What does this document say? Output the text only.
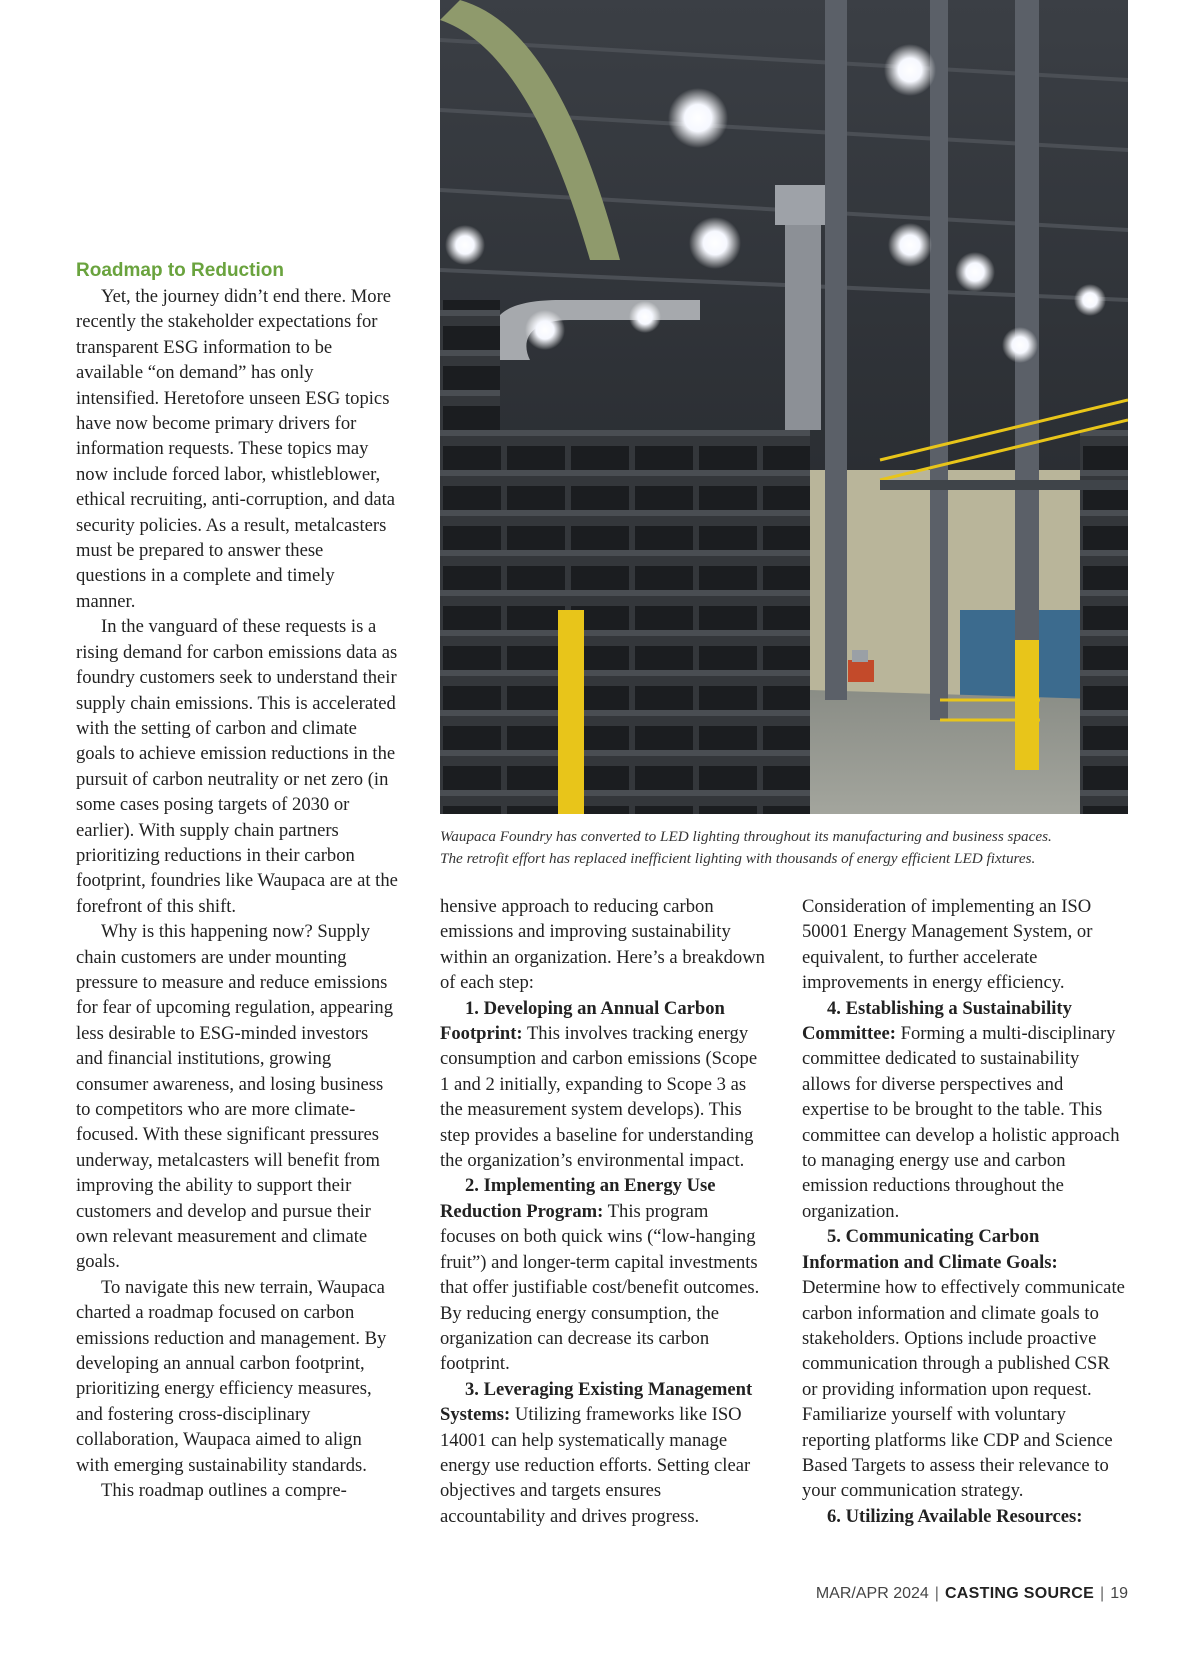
Waupaca Foundry has converted to LED lighting throughout its manufacturing and business spaces.
The retrofit effort has replaced inefficient lighting with thousands of energy efficient LED fixtures.
Roadmap to Reduction

Yet, the journey didn’t end there. More recently the stakeholder expectations for transparent ESG information to be available “on demand” has only intensified. Heretofore unseen ESG topics have now become primary drivers for information requests. These topics may now include forced labor, whistleblower, ethical recruiting, anti-corruption, and data security policies. As a result, metalcasters must be prepared to answer these questions in a complete and timely manner.

In the vanguard of these requests is a rising demand for carbon emissions data as foundry customers seek to understand their supply chain emissions. This is accelerated with the setting of carbon and climate goals to achieve emission reductions in the pursuit of carbon neutrality or net zero (in some cases posing targets of 2030 or earlier). With supply chain partners prioritizing reductions in their carbon footprint, foundries like Waupaca are at the forefront of this shift.

Why is this happening now? Supply chain customers are under mounting pressure to measure and reduce emissions for fear of upcoming regulation, appearing less desirable to ESG-minded investors and financial institutions, growing consumer awareness, and losing business to competitors who are more climate-focused. With these significant pressures underway, metalcasters will benefit from improving the ability to support their customers and develop and pursue their own relevant measurement and climate goals.

To navigate this new terrain, Waupaca charted a roadmap focused on carbon emissions reduction and management. By developing an annual carbon footprint, prioritizing energy efficiency measures, and fostering cross-disciplinary collaboration, Waupaca aimed to align with emerging sustainability standards.

This roadmap outlines a compre-

hensive approach to reducing carbon emissions and improving sustainability within an organization. Here’s a breakdown of each step:

1. Developing an Annual Carbon Footprint: This involves tracking energy consumption and carbon emissions (Scope 1 and 2 initially, expanding to Scope 3 as the measurement system develops). This step provides a baseline for understanding the organization’s environmental impact.

2. Implementing an Energy Use Reduction Program: This program focuses on both quick wins (“low-hanging fruit”) and longer-term capital investments that offer justifiable cost/benefit outcomes. By reducing energy consumption, the organization can decrease its carbon footprint.

3. Leveraging Existing Management Systems: Utilizing frameworks like ISO 14001 can help systematically manage energy use reduction efforts. Setting clear objectives and targets ensures accountability and drives progress.

Consideration of implementing an ISO 50001 Energy Management System, or equivalent, to further accelerate improvements in energy efficiency.

4. Establishing a Sustainability Committee: Forming a multi-disciplinary committee dedicated to sustainability allows for diverse perspectives and expertise to be brought to the table. This committee can develop a holistic approach to managing energy use and carbon emission reductions throughout the organization.

5. Communicating Carbon Information and Climate Goals: Determine how to effectively communicate carbon information and climate goals to stakeholders. Options include proactive communication through a published CSR or providing information upon request. Familiarize yourself with voluntary reporting platforms like CDP and Science Based Targets to assess their relevance to your communication strategy.

6. Utilizing Available Resources:

MAR/APR 2024 | CASTING SOURCE | 19
